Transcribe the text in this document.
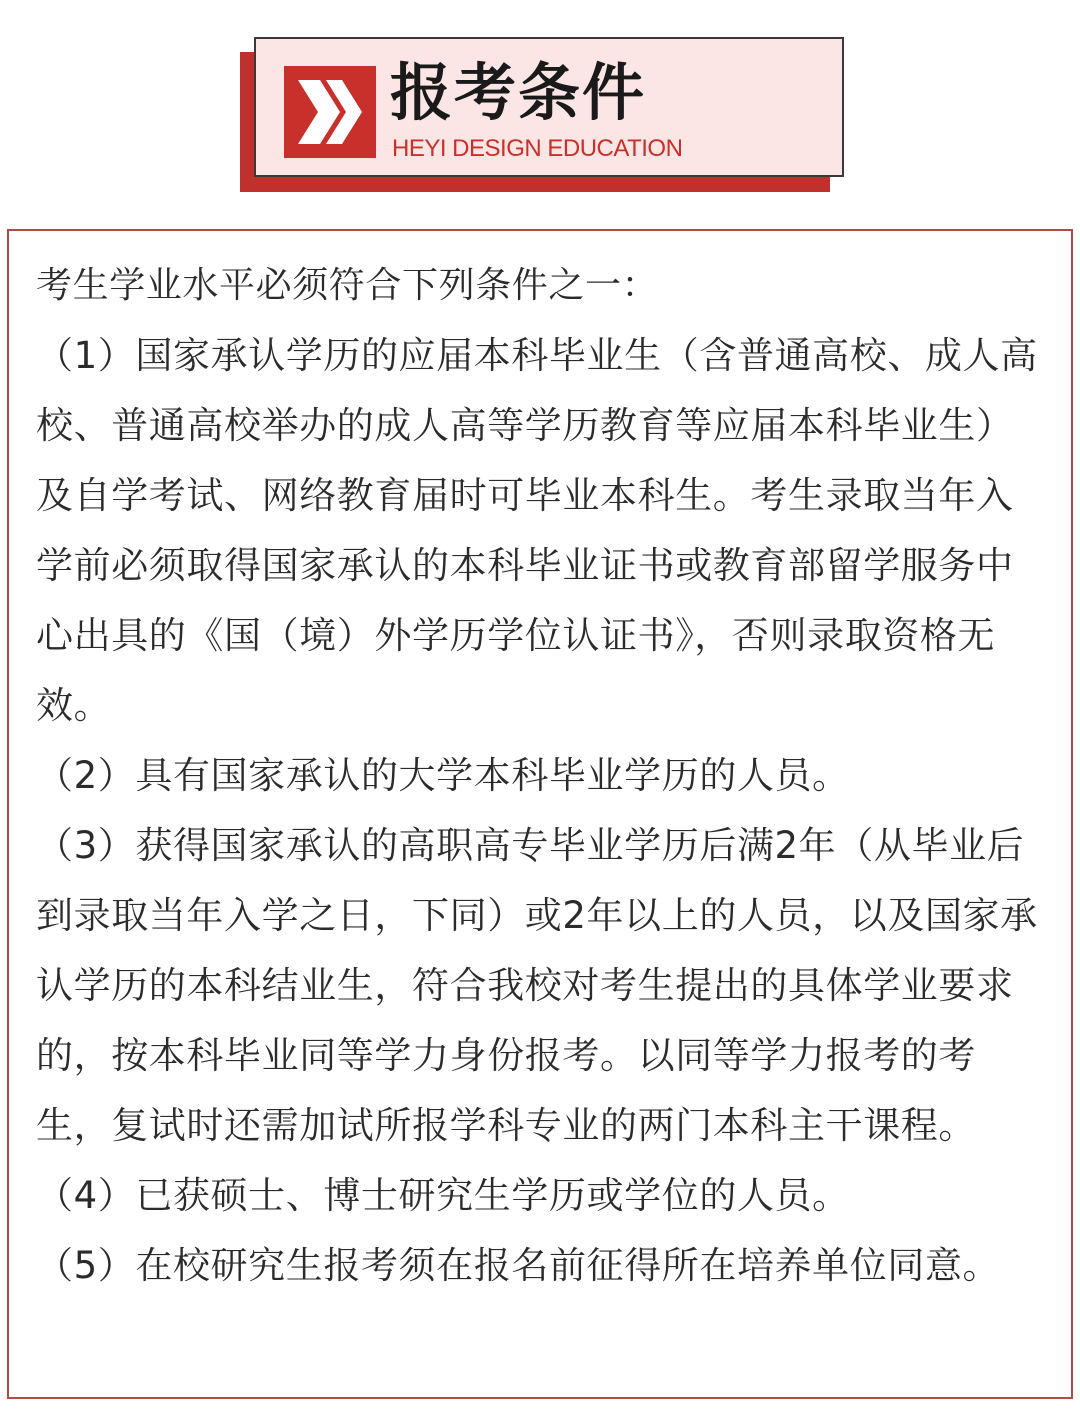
报考条件
HEYI DESIGN EDUCATION

考生学业水平必须符合下列条件之一：

（1）国家承认学历的应届本科毕业生（含普通高校、成人高校、普通高校举办的成人高等学历教育等应届本科毕业生）及自学考试、网络教育届时可毕业本科生。考生录取当年入学前必须取得国家承认的本科毕业证书或教育部留学服务中心出具的《国（境）外学历学位认证书》，否则录取资格无效。

（2）具有国家承认的大学本科毕业学历的人员。

（3）获得国家承认的高职高专毕业学历后满2年（从毕业后到录取当年入学之日，下同）或2年以上的人员，以及国家承认学历的本科结业生，符合我校对考生提出的具体学业要求的，按本科毕业同等学力身份报考。以同等学力报考的考生，复试时还需加试所报学科专业的两门本科主干课程。

（4）已获硕士、博士研究生学历或学位的人员。

（5）在校研究生报考须在报名前征得所在培养单位同意。
